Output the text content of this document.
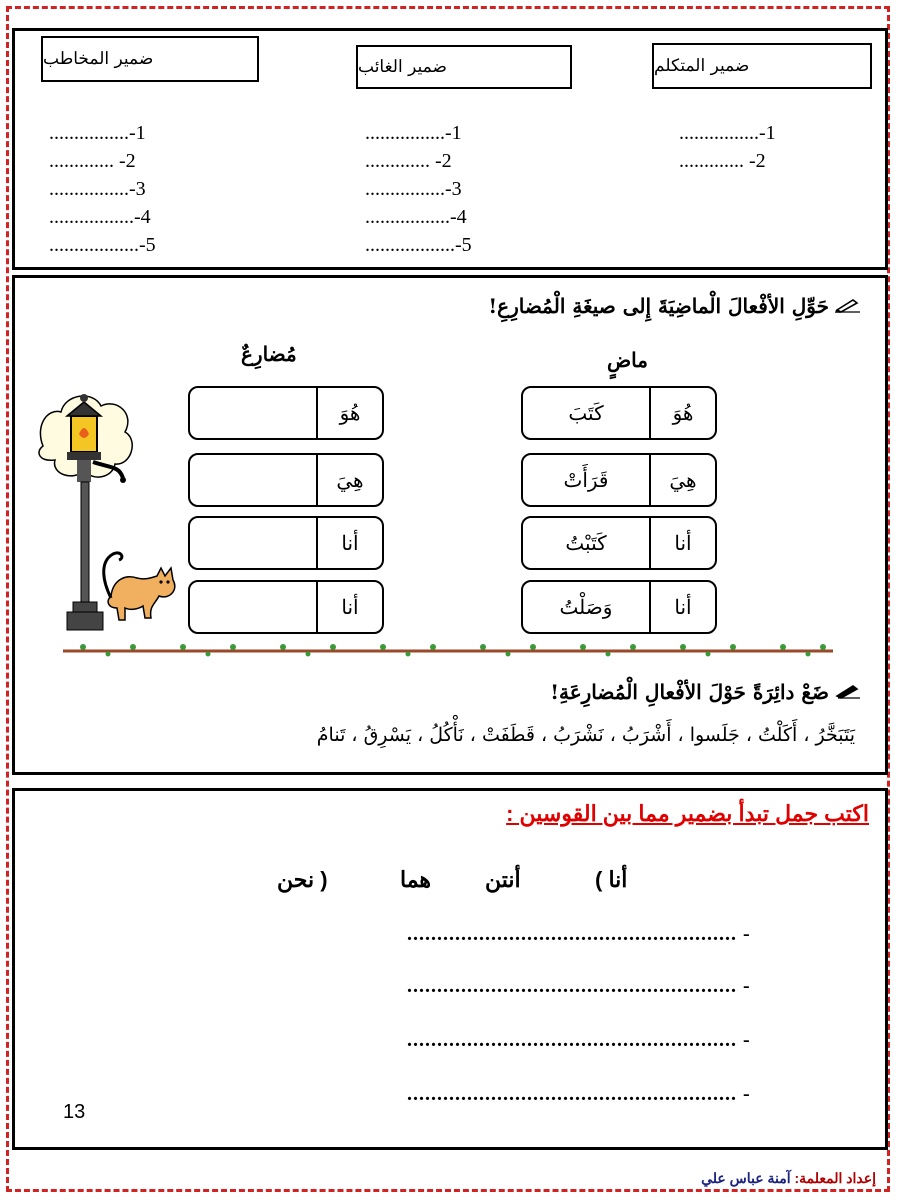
ضمير المتكلم
ضمير الغائب
ضمير المخاطب
................-1
............. -2
................-1
............. -2
................-3
.................-4
..................-5
................-1
............. -2
................-3
.................-4
..................-5
حَوِّلِ الأفْعالَ الْماضِيَةَ إِلى صيغَةِ الْمُضارِعِ!
ماضٍ
مُضارِعٌ
هُوَ
كَتَبَ
هِيَ
قَرَأَتْ
أنا
كَتَبْتُ
أنا
وَصَلْتُ
هُوَ
هِيَ
أنا
أنا
ضَعْ دائِرَةً حَوْلَ الأفْعالِ الْمُضارِعَةِ!
يَتَبَخَّرُ ، أَكَلْتُ ، جَلَسوا ، أَشْرَبُ ، نَشْرَبُ ، قَطَفَتْ ، نَأْكُلُ ، يَسْرِقُ ، تَنامُ
اكتب جمل تبدأ بضمير مما بين القوسين :
( أنا
أنتن
هما
نحن )
- .......................................................
- .......................................................
- .......................................................
- .......................................................
13
إعداد المعلمة: آمنة عباس علي
